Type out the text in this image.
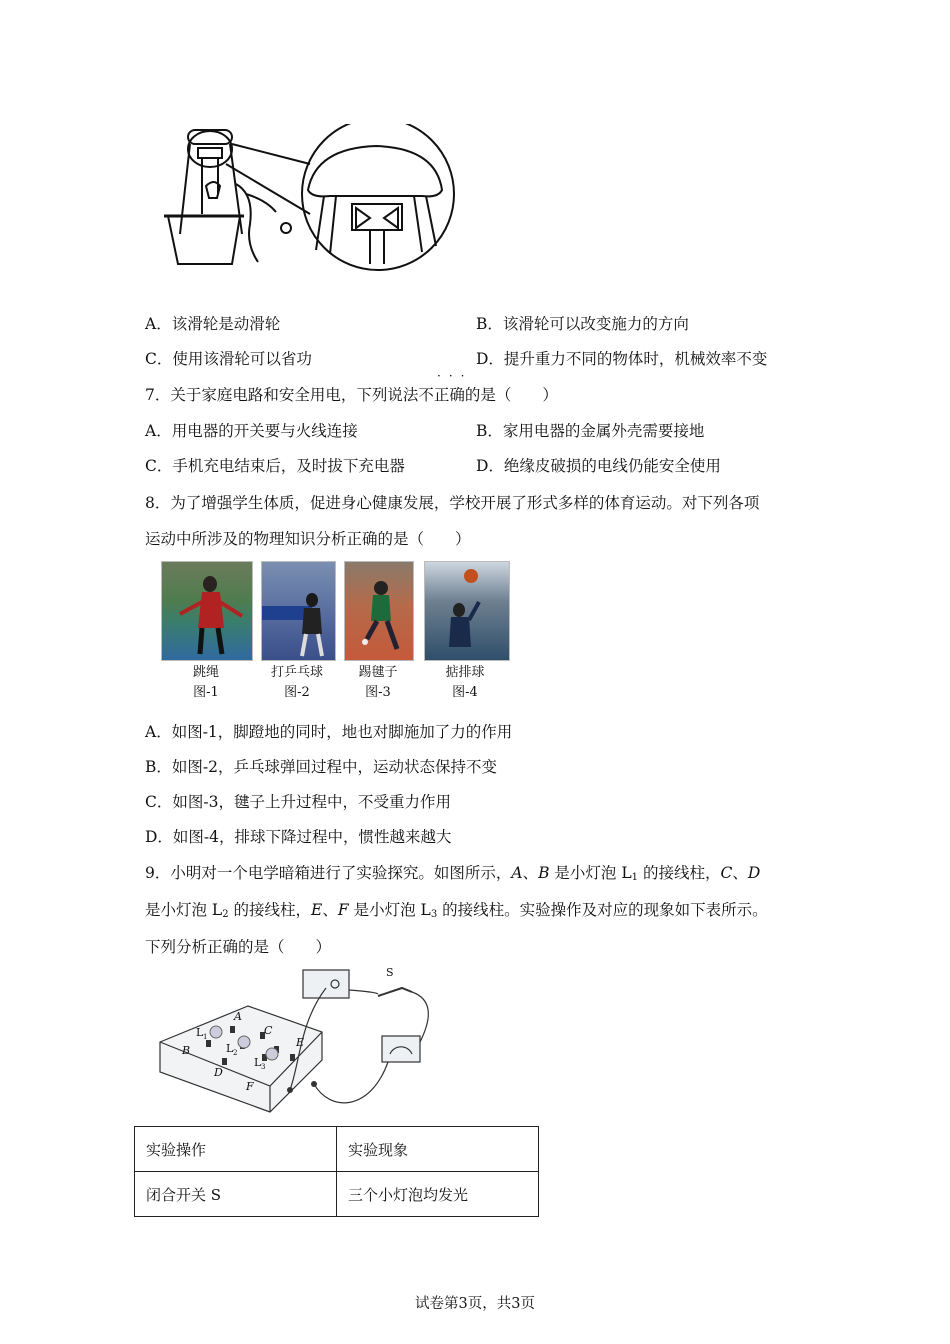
A．该滑轮是动滑轮	B．该滑轮可以改变施力的方向
C．使用该滑轮可以省功	D．提升重力不同的物体时，机械效率不变
···
7．关于家庭电路和安全用电，下列说法不正确的是（　　）
A．用电器的开关要与火线连接	B．家用电器的金属外壳需要接地
C．手机充电结束后，及时拔下充电器	D．绝缘皮破损的电线仍能安全使用
8．为了增强学生体质，促进身心健康发展，学校开展了形式多样的体育运动。对下列各项
运动中所涉及的物理知识分析正确的是（　　）
跳绳
图-1
打乒乓球
图-2
踢毽子
图-3
掂排球
图-4
A．如图-1，脚蹬地的同时，地也对脚施加了力的作用
B．如图-2，乒乓球弹回过程中，运动状态保持不变
C．如图-3，毽子上升过程中，不受重力作用
D．如图-4，排球下降过程中，惯性越来越大
9．小明对一个电学暗箱进行了实验探究。如图所示，A、B 是小灯泡 $L_1$ 的接线柱，C、D
是小灯泡 $L_2$ 的接线柱，E、F 是小灯泡 $L_3$ 的接线柱。实验操作及对应的现象如下表所示。
下列分析正确的是（　　）
A
B
C
D
E
F
S
L 1
L 2
L 3
实验操作	实验现象
闭合开关 S	三个小灯泡均发光
试卷第3页，共3页
